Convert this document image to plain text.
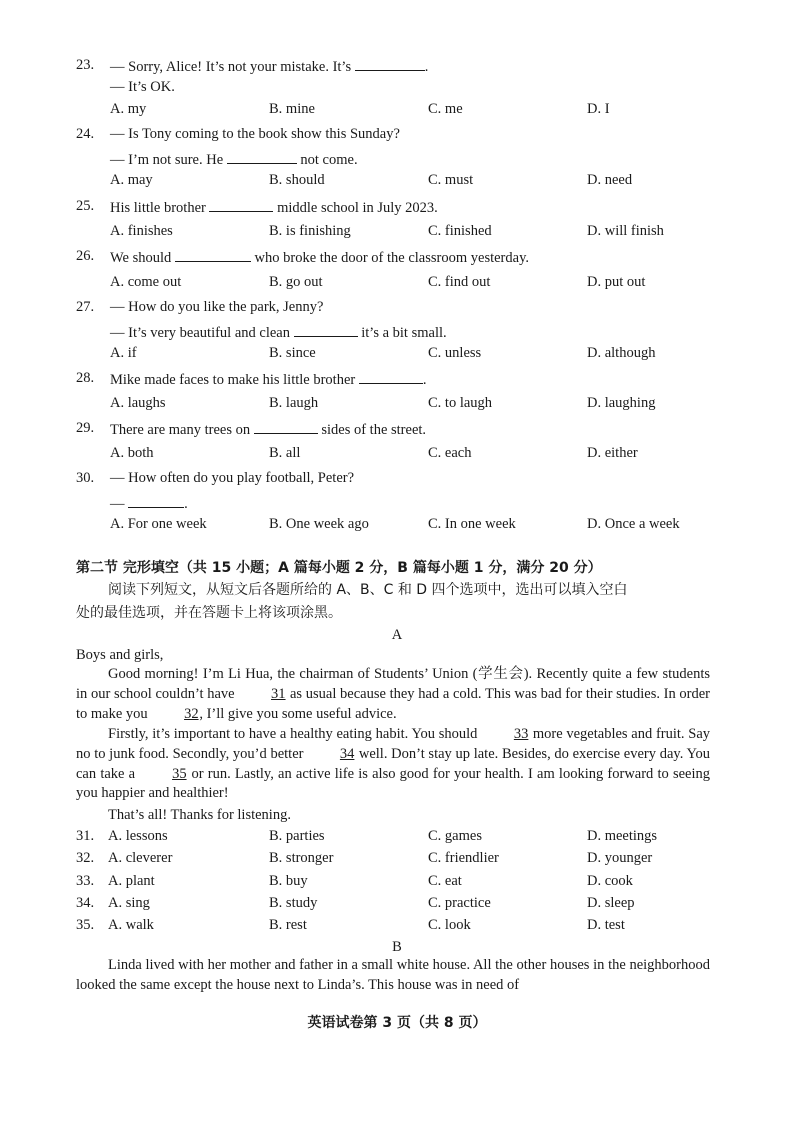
23. — Sorry, Alice! It’s not your mistake. It’s	.
— It’s OK.
A. my	B. mine	C. me	D. I
24. — Is Tony coming to the book show this Sunday?
— I’m not sure. He	not come.
A. may	B. should	C. must	D. need
25. His little brother	middle school in July 2023.
A. finishes	B. is finishing	C. finished	D. will finish
26. We should	who broke the door of the classroom yesterday.
A. come out	B. go out	C. find out	D. put out
27. — How do you like the park, Jenny?
— It’s very beautiful and clean	it’s a bit small.
A. if	B. since	C. unless	D. although
28. Mike made faces to make his little brother	.
A. laughs	B. laugh	C. to laugh	D. laughing
29. There are many trees on	sides of the street.
A. both	B. all	C. each	D. either
30. — How often do you play football, Peter?
—	.
A. For one week	B. One week ago	C. In one week	D. Once a week
第二节 完形填空（共 15 小题；A 篇每小题 2 分，B 篇每小题 1 分，满分 20 分）
阅读下列短文，从短文后各题所给的 A、B、C 和 D 四个选项中，选出可以填入空白
处的最佳选项，并在答题卡上将该项涂黑。
A
Boys and girls,
Good morning! I’m Li Hua, the chairman of Students’ Union (学生会). Recently quite a few students in our school couldn’t have	31 as usual because they had a cold. This was bad for their studies. In order to make you	32, I’ll give you some useful advice.
Firstly, it’s important to have a healthy eating habit. You should	33 more vegetables and fruit. Say no to junk food. Secondly, you’d better	34 well. Don’t stay up late. Besides, do exercise every day. You can take a	35 or run. Lastly, an active life is also good for your health. I am looking forward to seeing you happier and healthier!
That’s all! Thanks for listening.
31. A. lessons	B. parties	C. games	D. meetings
32. A. cleverer	B. stronger	C. friendlier	D. younger
33. A. plant	B. buy	C. eat	D. cook
34. A. sing	B. study	C. practice	D. sleep
35. A. walk	B. rest	C. look	D. test
B
Linda lived with her mother and father in a small white house. All the other houses in the neighborhood looked the same except the house next to Linda’s. This house was in need of
英语试卷第 3 页（共 8 页）
